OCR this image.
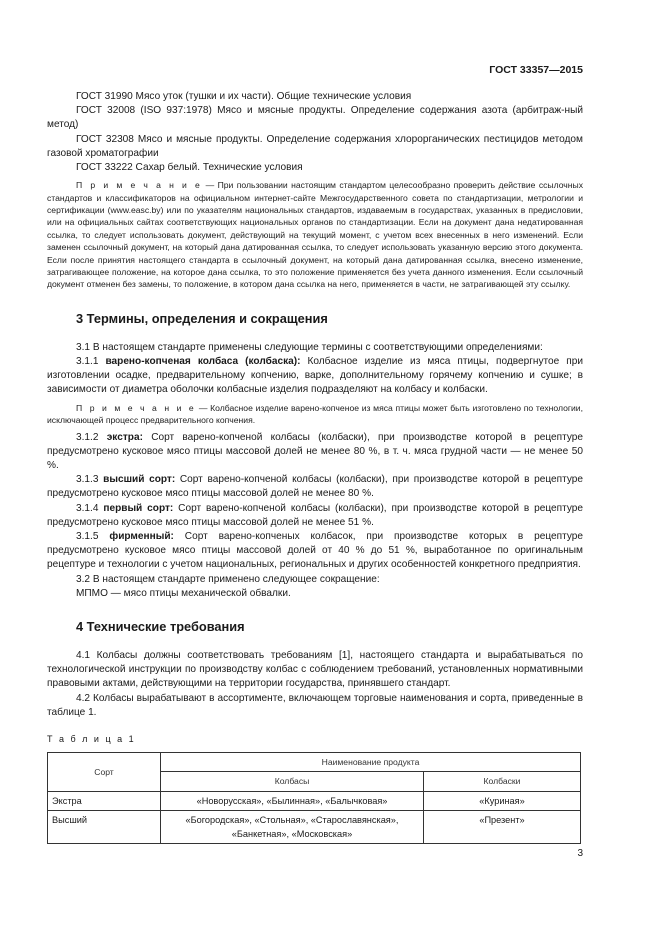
ГОСТ 33357—2015

ГОСТ 31990 Мясо уток (тушки и их части). Общие технические условия

ГОСТ 32008 (ISO 937:1978) Мясо и мясные продукты. Определение содержания азота (арбитраж-ный метод)

ГОСТ 32308 Мясо и мясные продукты. Определение содержания хлорорганических пестицидов методом газовой хроматографии

ГОСТ 33222 Сахар белый. Технические условия

П р и м е ч а н и е — При пользовании настоящим стандартом целесообразно проверить действие ссылочных стандартов и классификаторов на официальном интернет-сайте Межгосударственного совета по стандартизации, метрологии и сертификации (www.easc.by) или по указателям национальных стандартов, издаваемым в государствах, указанных в предисловии, или на официальных сайтах соответствующих национальных органов по стандартизации. Если на документ дана недатированная ссылка, то следует использовать документ, действующий на текущий момент, с учетом всех внесенных в него изменений. Если заменен ссылочный документ, на который дана датированная ссылка, то следует использовать указанную версию этого документа. Если после принятия настоящего стандарта в ссылочный документ, на который дана датированная ссылка, внесено изменение, затрагивающее положение, на которое дана ссылка, то это положение применяется без учета данного изменения. Если ссылочный документ отменен без замены, то положение, в котором дана ссылка на него, применяется в части, не затрагивающей эту ссылку.

3 Термины, определения и сокращения

3.1 В настоящем стандарте применены следующие термины с соответствующими определениями:

3.1.1 варено-копченая колбаса (колбаска): Колбасное изделие из мяса птицы, подвергнутое при изготовлении осадке, предварительному копчению, варке, дополнительному горячему копчению и сушке; в зависимости от диаметра оболочки колбасные изделия подразделяют на колбасу и колбаски.

П р и м е ч а н и е — Колбасное изделие варено-копченое из мяса птицы может быть изготовлено по технологии, исключающей процесс предварительного копчения.

3.1.2 экстра: Сорт варено-копченой колбасы (колбаски), при производстве которой в рецептуре предусмотрено кусковое мясо птицы массовой долей не менее 80 %, в т. ч. мяса грудной части — не менее 50 %.

3.1.3 высший сорт: Сорт варено-копченой колбасы (колбаски), при производстве которой в рецептуре предусмотрено кусковое мясо птицы массовой долей не менее 80 %.

3.1.4 первый сорт: Сорт варено-копченой колбасы (колбаски), при производстве которой в рецептуре предусмотрено кусковое мясо птицы массовой долей не менее 51 %.

3.1.5 фирменный: Сорт варено-копченых колбасок, при производстве которых в рецептуре предусмотрено кусковое мясо птицы массовой долей от 40 % до 51 %, выработанное по оригинальным рецептуре и технологии с учетом национальных, региональных и других особенностей конкретного предприятия.

3.2 В настоящем стандарте применено следующее сокращение:

МПМО — мясо птицы механической обвалки.

4 Технические требования

4.1 Колбасы должны соответствовать требованиям [1], настоящего стандарта и вырабатываться по технологической инструкции по производству колбас с соблюдением требований, установленных нормативными правовыми актами, действующими на территории государства, принявшего стандарт.

4.2 Колбасы вырабатывают в ассортименте, включающем торговые наименования и сорта, приведенные в таблице 1.

Т а б л и ц а 1
Сорт	Наименование продукта	
	Колбасы	Колбаски
Экстра	«Новорусская», «Былинная», «Балычковая»	«Куриная»
Высший	«Богородская», «Стольная», «Старославянская», «Банкетная», «Московская»	«Презент»
3
